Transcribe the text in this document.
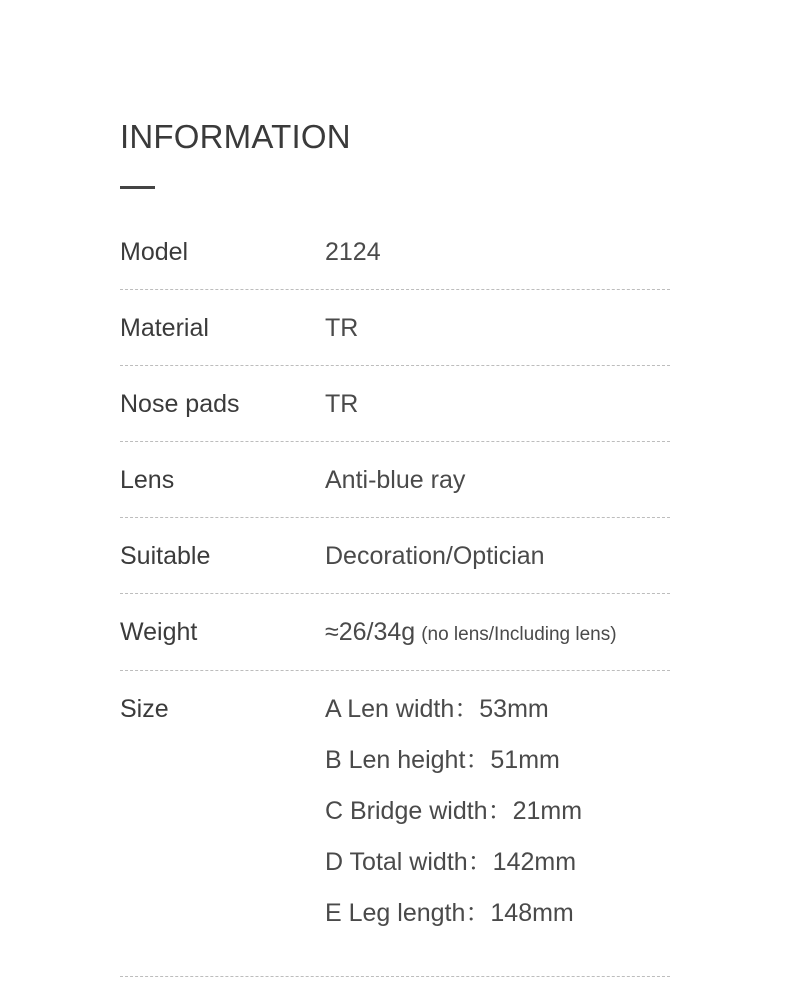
INFORMATION
Model	2124
Material	TR
Nose pads	TR
Lens	Anti-blue ray
Suitable	Decoration/Optician
Weight	≈26/34g (no lens/Including lens)
Size	A Len width：53mm
B Len height：51mm
C Bridge width：21mm
D Total width：142mm
E Leg length：148mm
